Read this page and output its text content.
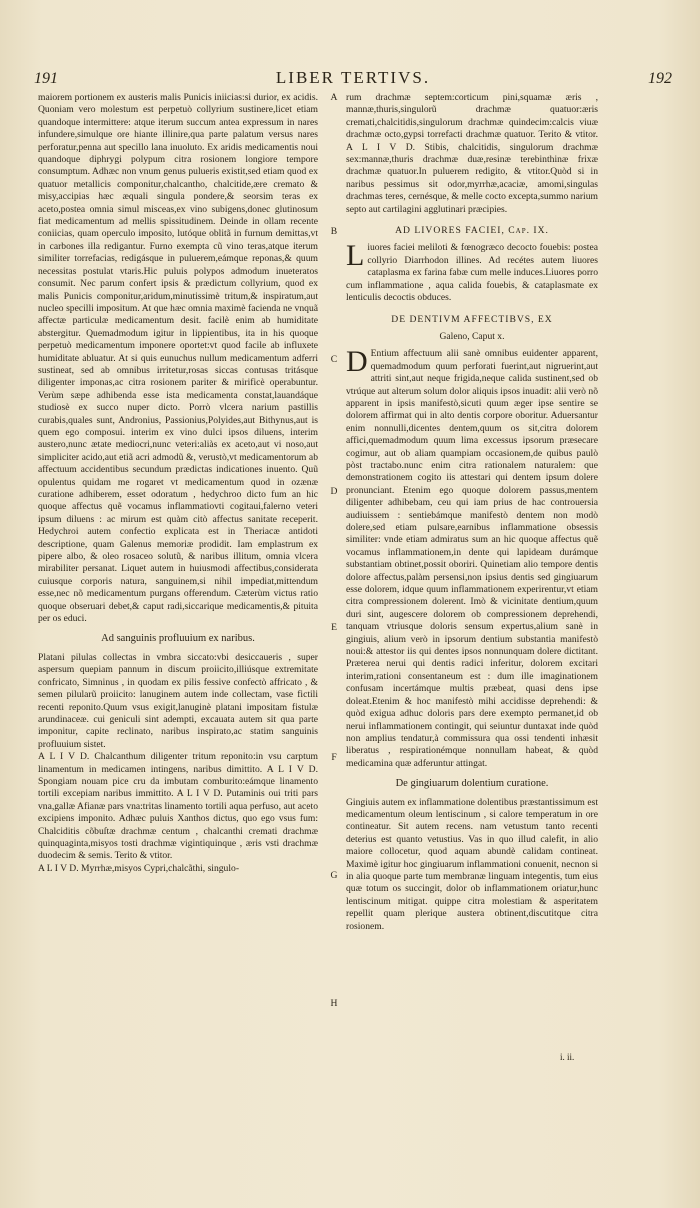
191	LIBER TERTIVS.	192

maiorem portionem ex austeris malis Punicis iniicias:si durior, ex acidis. Quoniam vero molestum est perpetuò collyrium sustinere,licet etiam quandoque intermittere: atque iterum succum antea expressum in nares infundere,simulque ore hiante illinire,qua parte palatum versus nares perforatur,penna aut specillo lana inuoluto. Ex aridis medicamentis noui quandoque diphrygi polypum citra rosionem longiore tempore consumptum. Adhæc non vnum genus pulueris existit,sed etiam quod ex quatuor metallicis componitur,chalcantho, chalcitide,ære cremato & misy,accipias hæc æquali singula pondere,& seorsim teras ex aceto,postea omnia simul misceas,ex vino subigens,donec glutinosum fiat medicamentum ad mellis spissitudinem. Deinde in ollam recente coniicias, quam operculo imposito, lutóque oblitã in furnum demittas,vt in carbones illa redigantur. Furno exempta cũ vino teras,atque iterum similiter torrefacias, redigásque in puluerem,eámque reponas,& quum necessitas postulat vtaris.Hic puluis polypos admodum inueteratos consumit. Nec parum confert ipsis & prædictum collyrium, quod ex malis Punicis componitur,aridum,minutissimè tritum,& inspiratum,aut nucleo specilli impositum. At que hæc omnia maximè facienda ne vnquã affectæ particulæ medicamentum desit. facilè enim ab humiditate abstergitur. Quemadmodum igitur in lippientibus, ita in his quoque perpetuò medicamentum imponere oportet:vt quod facile ab influxete humiditate abluatur. At si quis eunuchus nullum medicamentum adferri sustineat, sed ab omnibus irritetur,rosas siccas contusas tritásque diligenter imponas,ac citra rosionem pariter & mirificè operabuntur. Verùm sæpe adhibenda esse ista medicamenta constat,lauandáque studiosè ex succo nuper dicto. Porrò vlcera narium pastillis curabis,quales sunt, Andronius, Passionius,Polyides,aut Bithynus,aut is quem ego composui. interim ex vino dulci ipsos diluens, interim austero,nunc ætate mediocri,nunc veteri:aliàs ex aceto,aut vi noso,aut simpliciter acido,aut etiã acri admodũ &, verustò,vt medicamentorum ab affectuum accidentibus secundum prædictas indicationes inuento. Quũ opulentus quidam me rogaret vt medicamentum quod in ozænæ curatione adhiberem, esset odoratum , hedychroo dicto fum an hic quoque affectus quẽ vocamus inflammatiovti cogitaui,falerno veteri ipsum diluens : ac mirum est quàm citò affectus sanitate receperit. Hedychroi autem confectio explicata est in Theriacæ antidoti descriptione, quam Galenus memoriæ prodidit. Iam emplastrum ex pipere albo, & oleo rosaceo solutũ, & naribus illitum, omnia vlcera mirabiliter persanat. Liquet autem in huiusmodi affectibus,considerata cuiusque corporis natura, sanguinem,si nihil impediat,mittendum esse,nec nõ medicamentum purgans offerendum. Cæterùm victus ratio quoque obseruari debet,& caput radi,siccarique medicamentis,& pituita per os educi.

Ad sanguinis profluuium ex naribus.

Platani pilulas collectas in vmbra siccato:vbi desiccaueris , super aspersum quepiam pannum in discum proiicito,illiúsque extremitate confricato, Simninus , in quodam ex pilis fessive confectò affricato , & semen pilularũ proiicito: lanuginem autem inde collectam, vase fictili recenti reponito.Quum vsus exigit,lanuginè platani impositam fistulæ arundinaceæ. cui geniculi sint adempti, excauata autem sit qua parte imponitur, capite reclinato, naribus inspirato,ac statim sanguinis profluuium sistet.

A L I V D. Chalcanthum diligenter tritum reponito:in vsu carptum linamentum in medicamen intingens, naribus dimittito. A L I V D. Spongiam nouam pice cru da imbutam comburito:eámque linamento tortili excepiam naribus immittito. A L I V D. Putaminis oui triti pars vna,gallæ Afianæ pars vna:tritas linamento tortili aqua perfuso, aut aceto excipiens imponito. Adhæc puluis Xanthos dictus, quo ego vsus fum: Chalciditis cõbuſtæ drachmæ centum , chalcanthi cremati drachmæ quinquaginta,misyos tosti drachmæ vigintiquinque , æris vsti drachmæ duodecim & semis. Terito & vtitor.

A L I V D. Myrrhæ,misyos Cypri,chalcãthi, singulo-

A
B
C
D
E
F
G
H

rum drachmæ septem:corticum pini,squamæ æris , mannæ,thuris,singulorũ drachmæ quatuor:æris cremati,chalcitidis,singulorum drachmæ quindecim:calcis viuæ drachmæ octo,gypsi torrefacti drachmæ quatuor. Terito & vtitor. A L I V D. Stibis, chalcitidis, singulorum drachmæ sex:mannæ,thuris drachmæ duæ,resinæ terebinthinæ frixæ drachmæ quatuor.In puluerem redigito, & vtitor.Quòd si in naribus pessimus sit odor,myrrhæ,acaciæ, amomi,singulas drachmas teres, cernésque, & melle cocto excepta,summo narium septo aut cartilagini agglutinari præcipies.

AD LIVORES FACIEI, Cap. IX.

Liuores faciei meliloti & fœnogræco decocto fouebis: postea collyrio Diarrhodon illines. Ad recétes autem liuores cataplasma ex farina fabæ cum melle induces.Liuores porro cum inflammatione , aqua calida fouebis, & cataplasmate ex lenticulis decoctis obduces.

DE DENTIVM AFFECTIBVS, EX
Galeno, Caput x.

D Entium affectuum alii sanè omnibus euidenter apparent, quemadmodum quum perforati fuerint,aut nigruerint,aut attriti sint,aut neque frigida,neque calida sustinent,sed ob vtrúque aut alterum solum dolor aliquis ipsos inuadit: alii verò nõ apparent in ipsis manifestò,sicuti quum æger ipse sentire se dolorem affirmat qui in alto dentis corpore oboritur. Aduersantur enim nonnulli,dicentes dentem,quum os sit,citra dolorem affici,quemadmodum quum lima excessus ipsorum præsecare cogimur, aut ob aliam quampiam occasionem,de quibus paulò pòst tractabo.nunc enim citra rationalem naturalem: que demonstrationem cogito iis attestari qui dentem ipsum dolere pronunciant. Etenim ego quoque dolorem passus,mentem diligenter adhibebam, ceu qui iam prius de hac controuersia audiuissem : sentiebámque manifestò dentem non modò dolere,sed etiam pulsare,earnibus inflammatione obsessis similiter: vnde etiam admiratus sum an hic quoque affectus quẽ vocamus inflammationem,in dente qui lapideam durámque substantiam obtinet,possit oboriri. Quinetiam alio tempore dentis dolore affectus,palàm persensi,non ipsius dentis sed gingiuarum esse dolorem, idque quum inflammationem experirentur,vt etiam citra compressionem dolerent. Imò & vicinitate dentium,quum duri sint, augescere dolorem ob compressionem deprehendi, tanquam vtriusque doloris sensum expertus,alium sanè in gingiuis, alium verò in ipsorum dentium substantia manifestò noui:& attestor iis qui dentes ipsos nonnunquam dolere dictitant. Præterea nerui qui dentis radici inferitur, dolorem excitari interim,rationi consentaneum est : dum ille imaginationem confusam incertámque multis præbeat, quasi dens ipse doleat.Etenim & hoc manifestò mihi accidisse deprehendi: & quòd exigua adhuc doloris pars dere exempto permanet,id ob nerui inflammationem contingit, qui seiuntur duntaxat inde quòd non amplius tendatur,à commissura qua ossi tendenti inhæsit liberatus , respirationémque nonnullam habeat, & quòd medicamina quæ adferuntur attingat.

De gingiuarum dolentium curatione.

Gingiuis autem ex inflammatione dolentibus præstantissimum est medicamentum oleum lentiscinum , si calore temperatum in ore contineatur. Sit autem recens. nam vetustum tanto recenti deterius est quanto vetustius. Vas in quo illud calefit, in alio maiore collocetur, quod aquam abundè calidam contineat. Maximè igitur hoc gingiuarum inflammationi conuenit, necnon si in alia quoque parte tum membranæ linguam integentis, tum eius quæ totum os succingit, dolor ob inflammationem oriatur,hunc lentiscinum mitigat. quippe citra molestiam & asperitatem repellit quam plerique austera obtinent,discutitque citra rosionem.

i. ii.
